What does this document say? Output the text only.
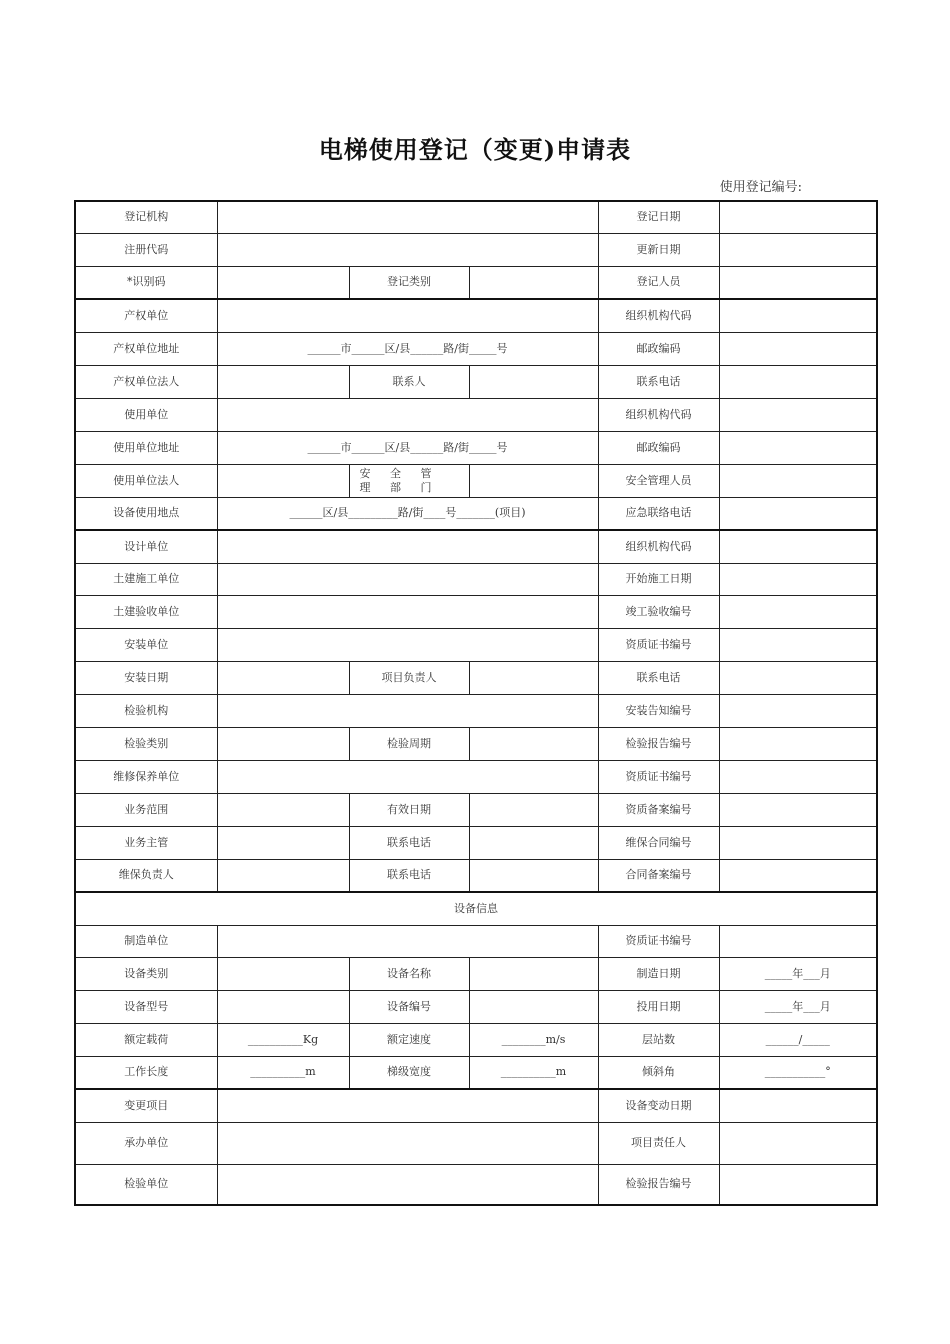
电梯使用登记（变更)申请表
使用登记编号:
登记机构				登记日期	
注册代码				更新日期	
*识别码		登记类别		登记人员	
产权单位				组织机构代码	
产权单位地址	______市______区/县______路/街_____号			邮政编码	
产权单位法人		联系人		联系电话	
使用单位				组织机构代码	
使用单位地址	______市______区/县______路/街_____号			邮政编码	
使用单位法人		安 全 管 理 部 门		安全管理人员	
设备使用地点	______区/县_________路/街____号_______(项目)			应急联络电话	
设计单位				组织机构代码	
土建施工单位				开始施工日期	
土建验收单位				竣工验收编号	
安装单位				资质证书编号	
安装日期		项目负责人		联系电话	
检验机构				安装告知编号	
检验类别		检验周期		检验报告编号	
维修保养单位				资质证书编号	
业务范围		有效日期		资质备案编号	
业务主管		联系电话		维保合同编号	
维保负责人		联系电话		合同备案编号	
设备信息					
制造单位				资质证书编号	
设备类别		设备名称		制造日期	_____年___月
设备型号		设备编号		投用日期	_____年___月
额定载荷	__________Kg	额定速度	________m/s	层站数	______/_____
工作长度	__________m	梯级宽度	__________m	倾斜角	___________°
变更项目				设备变动日期	
承办单位				项目责任人	
检验单位				检验报告编号	
